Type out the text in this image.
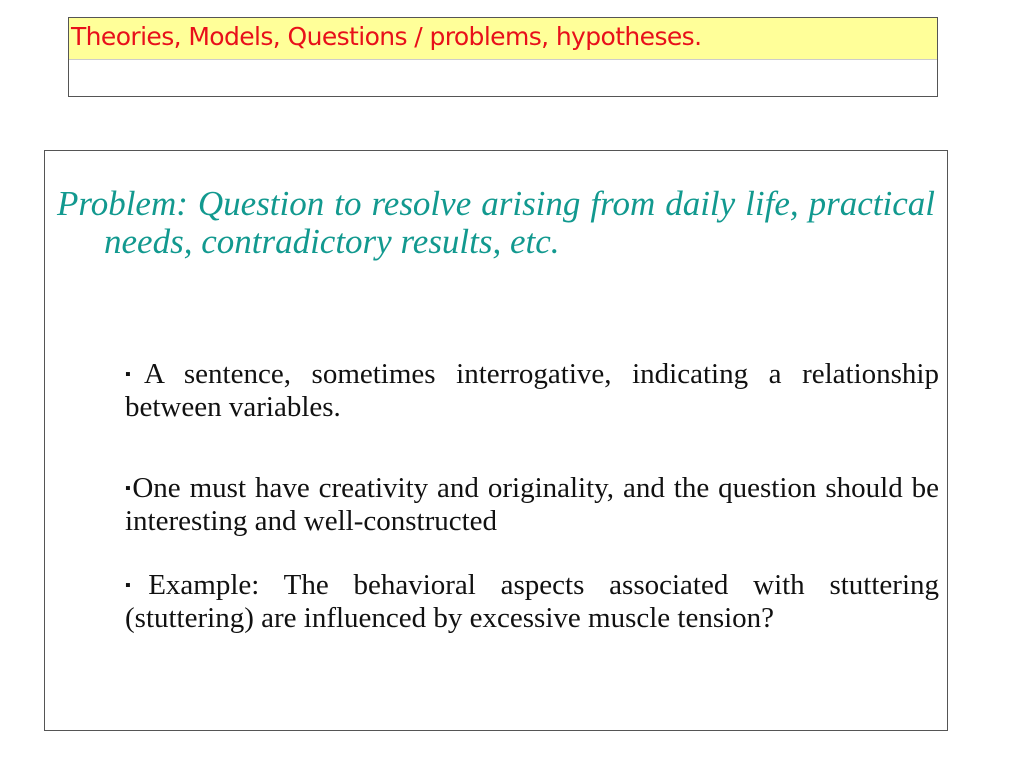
Theories, Models, Questions / problems, hypotheses.
Problem: Question to resolve arising from daily life, practical needs, contradictory results, etc.
▪A sentence, sometimes interrogative, indicating a relationship between variables.
▪One must have creativity and originality, and the question should be interesting and well-constructed
▪Example: The behavioral aspects associated with stuttering (stuttering) are influenced by excessive muscle tension?
